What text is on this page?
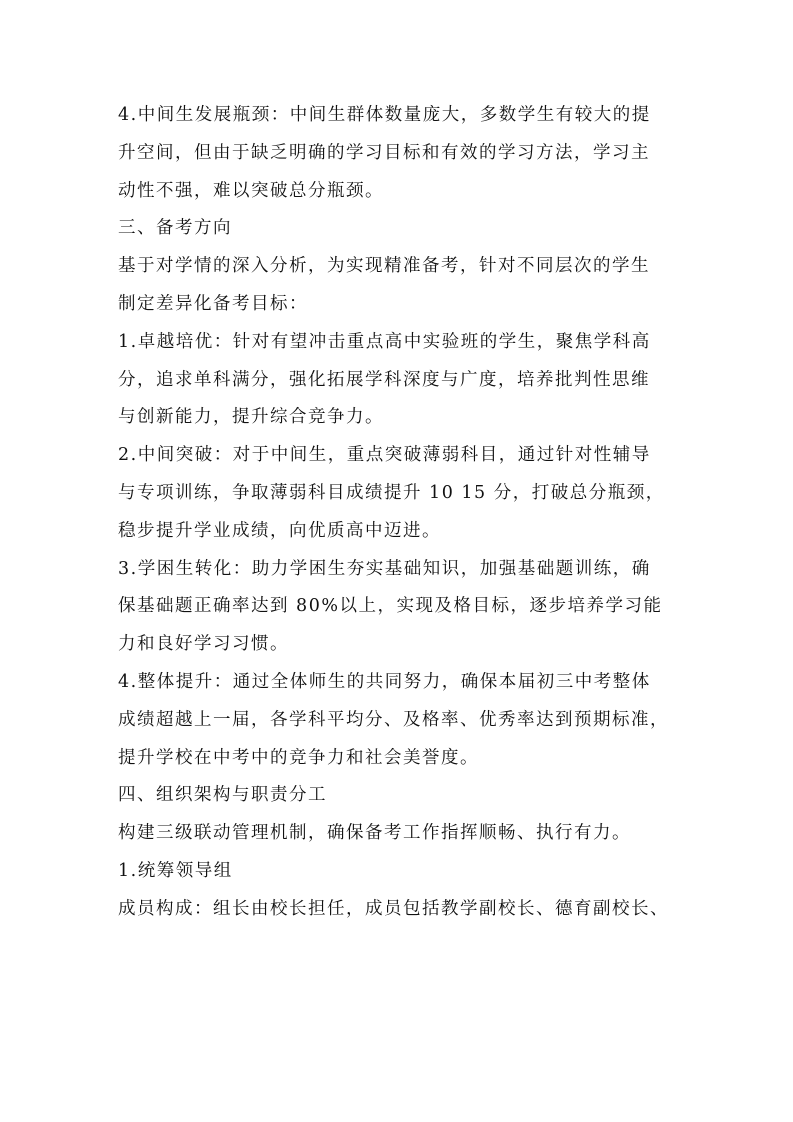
4.中间生发展瓶颈：中间生群体数量庞大，多数学生有较大的提
升空间，但由于缺乏明确的学习目标和有效的学习方法，学习主
动性不强，难以突破总分瓶颈。
三、备考方向
基于对学情的深入分析，为实现精准备考，针对不同层次的学生
制定差异化备考目标：
1.卓越培优：针对有望冲击重点高中实验班的学生，聚焦学科高
分，追求单科满分，强化拓展学科深度与广度，培养批判性思维
与创新能力，提升综合竞争力。
2.中间突破：对于中间生，重点突破薄弱科目，通过针对性辅导
与专项训练，争取薄弱科目成绩提升 10 15 分，打破总分瓶颈，
稳步提升学业成绩，向优质高中迈进。
3.学困生转化：助力学困生夯实基础知识，加强基础题训练，确
保基础题正确率达到 80%以上，实现及格目标，逐步培养学习能
力和良好学习习惯。
4.整体提升：通过全体师生的共同努力，确保本届初三中考整体
成绩超越上一届，各学科平均分、及格率、优秀率达到预期标准，
提升学校在中考中的竞争力和社会美誉度。
四、组织架构与职责分工
构建三级联动管理机制，确保备考工作指挥顺畅、执行有力。
1.统筹领导组
成员构成：组长由校长担任，成员包括教学副校长、德育副校长、
